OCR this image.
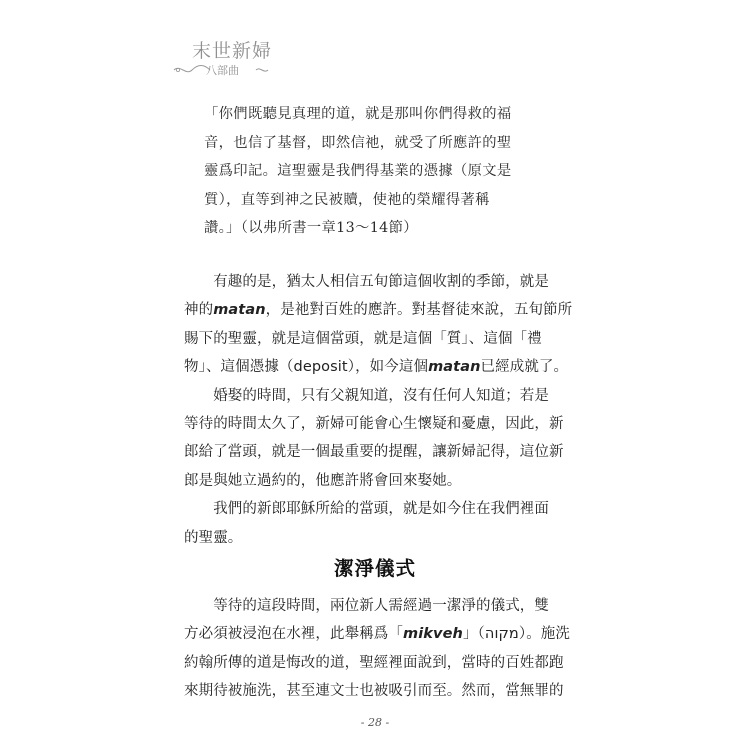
末世新婦
八部曲

「你們既聽見真理的道，就是那叫你們得救的福

音，也信了基督，即然信祂，就受了所應許的聖

靈爲印記。這聖靈是我們得基業的憑據（原文是

質），直等到神之民被贖，使祂的榮耀得著稱

讚。」（以弗所書一章13～14節）

　　有趣的是，猶太人相信五旬節這個收割的季節，就是

神的matan，是祂對百姓的應許。對基督徒來說，五旬節所

賜下的聖靈，就是這個當頭，就是這個「質」、這個「禮

物」、這個憑據（deposit），如今這個matan已經成就了。

　　婚娶的時間，只有父親知道，沒有任何人知道；若是

等待的時間太久了，新婦可能會心生懷疑和憂慮，因此，新

郎給了當頭，就是一個最重要的提醒，讓新婦記得，這位新

郎是與她立過約的，他應許將會回來娶她。

　　我們的新郎耶穌所給的當頭，就是如今住在我們裡面

的聖靈。

潔淨儀式

　　等待的這段時間，兩位新人需經過一潔淨的儀式，雙

方必須被浸泡在水裡，此舉稱爲「mikveh」（מקוה）。施洗

約翰所傳的道是悔改的道，聖經裡面說到，當時的百姓都跑

來期待被施洗，甚至連文士也被吸引而至。然而，當無罪的

- 28 -
